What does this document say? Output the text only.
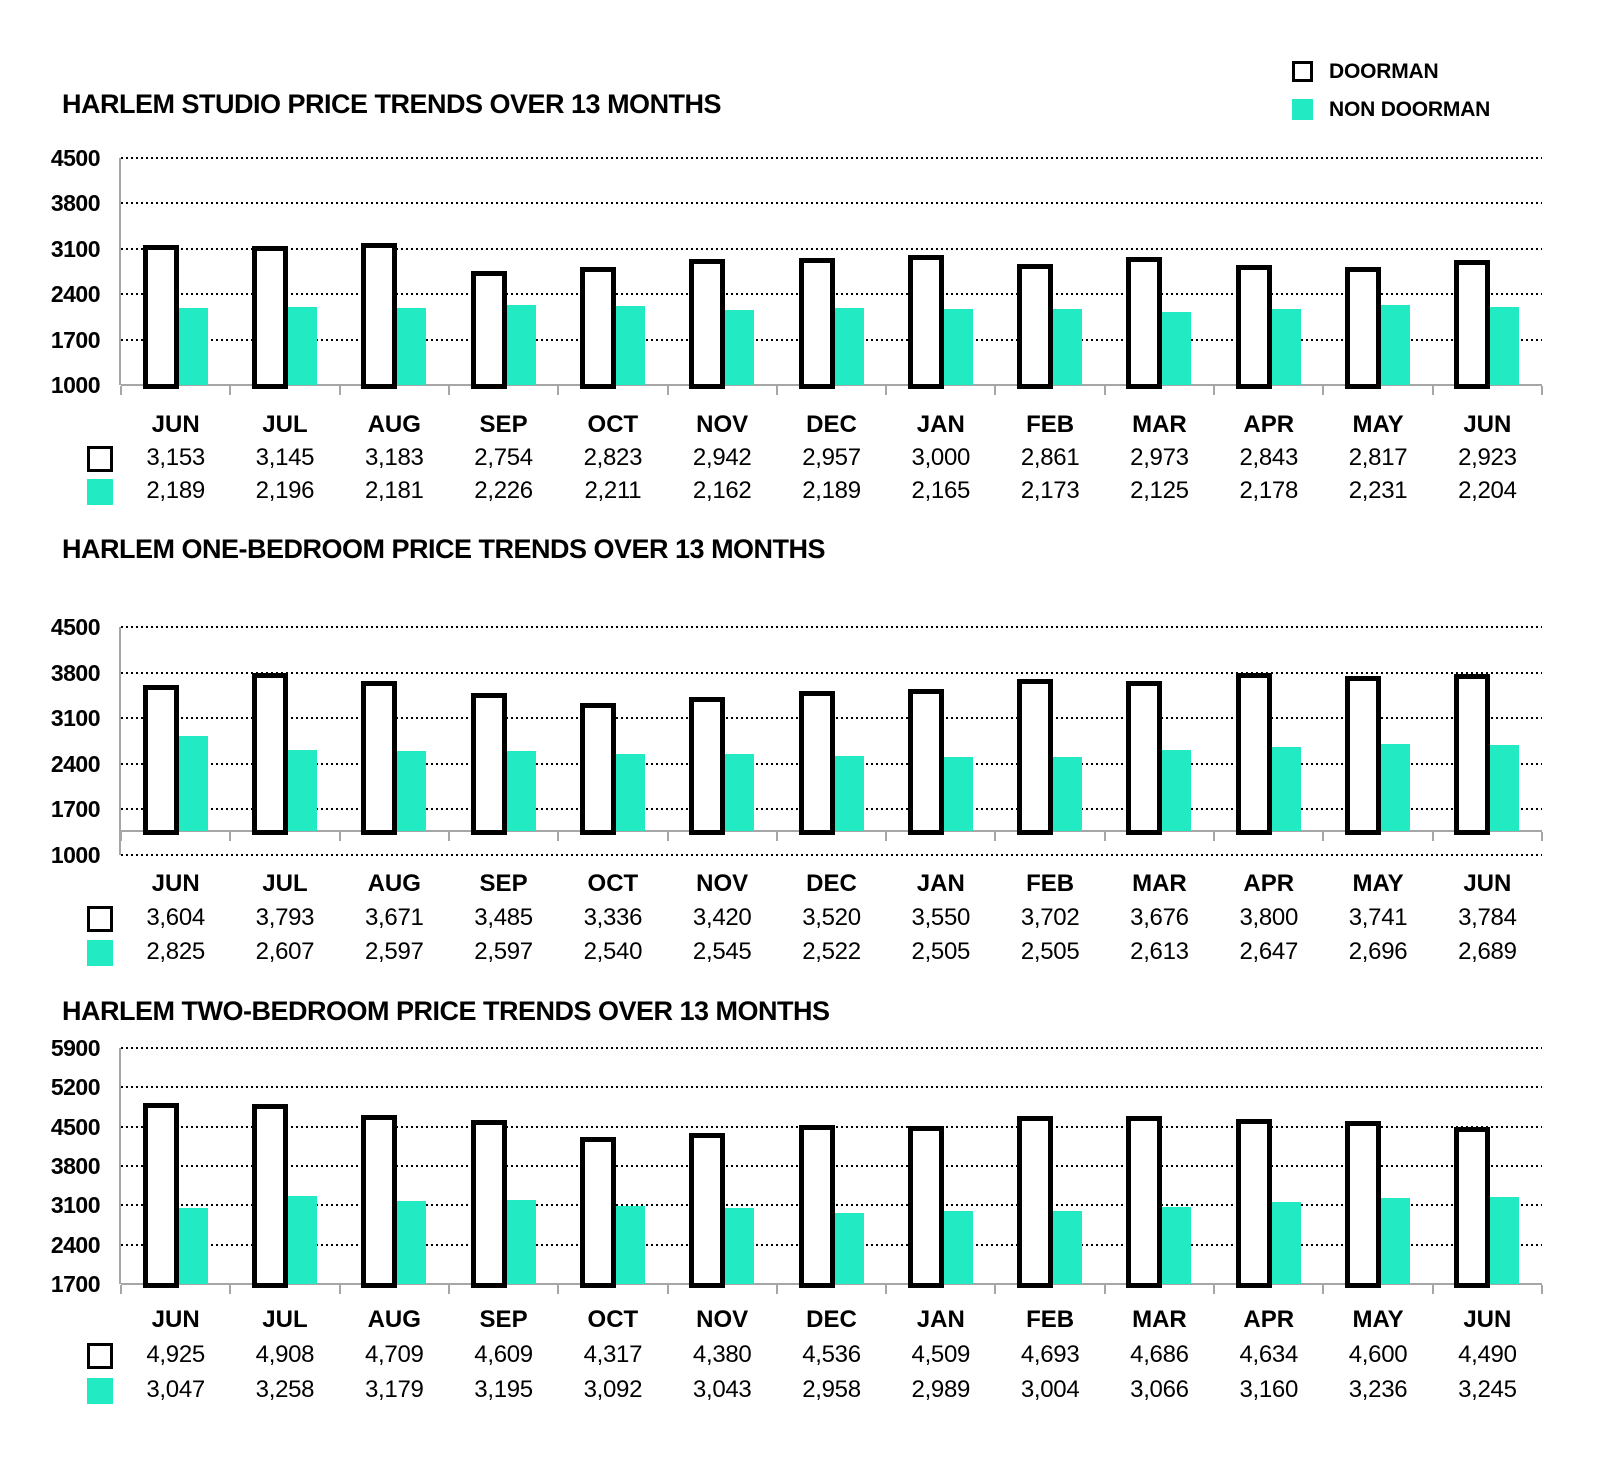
DOORMAN
NON DOORMAN
HARLEM STUDIO PRICE TRENDS OVER 13 MONTHS
HARLEM ONE-BEDROOM PRICE TRENDS OVER 13 MONTHS
HARLEM TWO-BEDROOM PRICE TRENDS OVER 13 MONTHS
4500
3800
3100
2400
1700
1000
JUN
3,153
2,189
JUL
3,145
2,196
AUG
3,183
2,181
SEP
2,754
2,226
OCT
2,823
2,211
NOV
2,942
2,162
DEC
2,957
2,189
JAN
3,000
2,165
FEB
2,861
2,173
MAR
2,973
2,125
APR
2,843
2,178
MAY
2,817
2,231
JUN
2,923
2,204
4500
3800
3100
2400
1700
1000
JUN
3,604
2,825
JUL
3,793
2,607
AUG
3,671
2,597
SEP
3,485
2,597
OCT
3,336
2,540
NOV
3,420
2,545
DEC
3,520
2,522
JAN
3,550
2,505
FEB
3,702
2,505
MAR
3,676
2,613
APR
3,800
2,647
MAY
3,741
2,696
JUN
3,784
2,689
5900
5200
4500
3800
3100
2400
1700
JUN
4,925
3,047
JUL
4,908
3,258
AUG
4,709
3,179
SEP
4,609
3,195
OCT
4,317
3,092
NOV
4,380
3,043
DEC
4,536
2,958
JAN
4,509
2,989
FEB
4,693
3,004
MAR
4,686
3,066
APR
4,634
3,160
MAY
4,600
3,236
JUN
4,490
3,245
